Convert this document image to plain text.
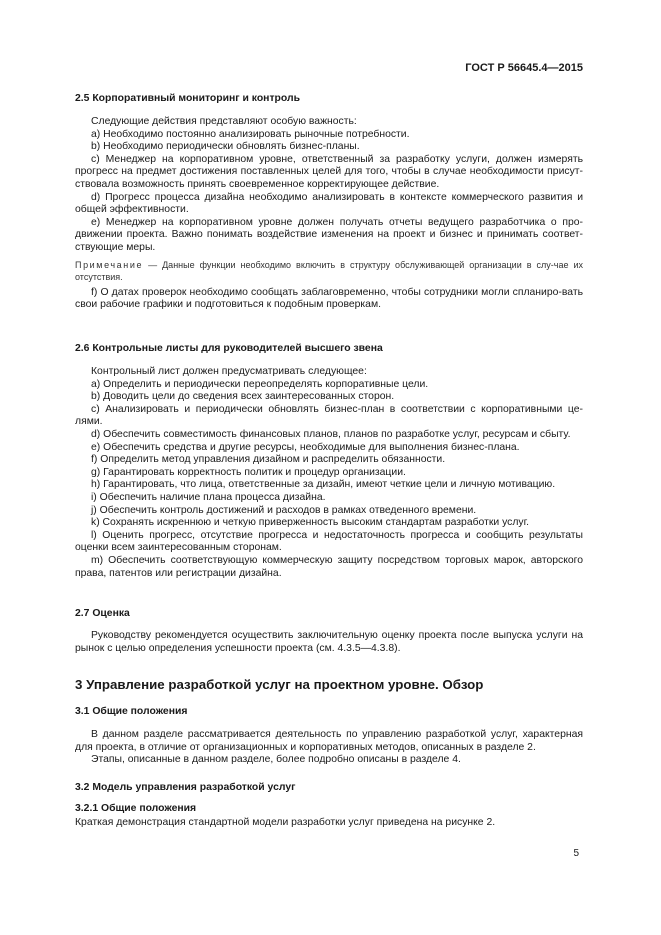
ГОСТ Р 56645.4—2015
2.5 Корпоративный мониторинг и контроль

Следующие действия представляют особую важность:

a) Необходимо постоянно анализировать рыночные потребности.

b) Необходимо периодически обновлять бизнес-планы.

c) Менеджер на корпоративном уровне, ответственный за разработку услуги, должен измерять прогресс на предмет достижения поставленных целей для того, чтобы в случае необходимости присут-ствовала возможность принять своевременное корректирующее действие.

d) Прогресс процесса дизайна необходимо анализировать в контексте коммерческого развития и общей эффективности.

e) Менеджер на корпоративном уровне должен получать отчеты ведущего разработчика о про-движении проекта. Важно понимать воздействие изменения на проект и бизнес и принимать соответ-ствующие меры.

Примечание — Данные функции необходимо включить в структуру обслуживающей организации в слу-чае их отсутствия.

f) О датах проверок необходимо сообщать заблаговременно, чтобы сотрудники могли спланиро-вать свои рабочие графики и подготовиться к подобным проверкам.

2.6 Контрольные листы для руководителей высшего звена

Контрольный лист должен предусматривать следующее:

a) Определить и периодически переопределять корпоративные цели.

b) Доводить цели до сведения всех заинтересованных сторон.

c) Анализировать и периодически обновлять бизнес-план в соответствии c корпоративными це-лями.

d) Обеспечить совместимость финансовых планов, планов по разработке услуг, ресурсам и сбыту.

e) Обеспечить средства и другие ресурсы, необходимые для выполнения бизнес-плана.

f) Определить метод управления дизайном и распределить обязанности.

g) Гарантировать корректность политик и процедур организации.

h) Гарантировать, что лица, ответственные за дизайн, имеют четкие цели и личную мотивацию.

i) Обеспечить наличие плана процесса дизайна.

j) Обеспечить контроль достижений и расходов в рамках отведенного времени.

k) Сохранять искреннюю и четкую приверженность высоким стандартам разработки услуг.

l) Оценить прогресс, отсутствие прогресса и недостаточность прогресса и сообщить результаты оценки всем заинтересованным сторонам.

m) Обеспечить соответствующую коммерческую защиту посредством торговых марок, авторского права, патентов или регистрации дизайна.

2.7 Оценка

Руководству рекомендуется осуществить заключительную оценку проекта после выпуска услуги на рынок с целью определения успешности проекта (см. 4.3.5—4.3.8).

3 Управление разработкой услуг на проектном уровне. Обзор
3.1 Общие положения

В данном разделе рассматривается деятельность по управлению разработкой услуг, характерная для проекта, в отличие от организационных и корпоративных методов, описанных в разделе 2.

Этапы, описанные в данном разделе, более подробно описаны в разделе 4.

3.2 Модель управления разработкой услуг
3.2.1 Общие положения

Краткая демонстрация стандартной модели разработки услуг приведена на рисунке 2.

5
